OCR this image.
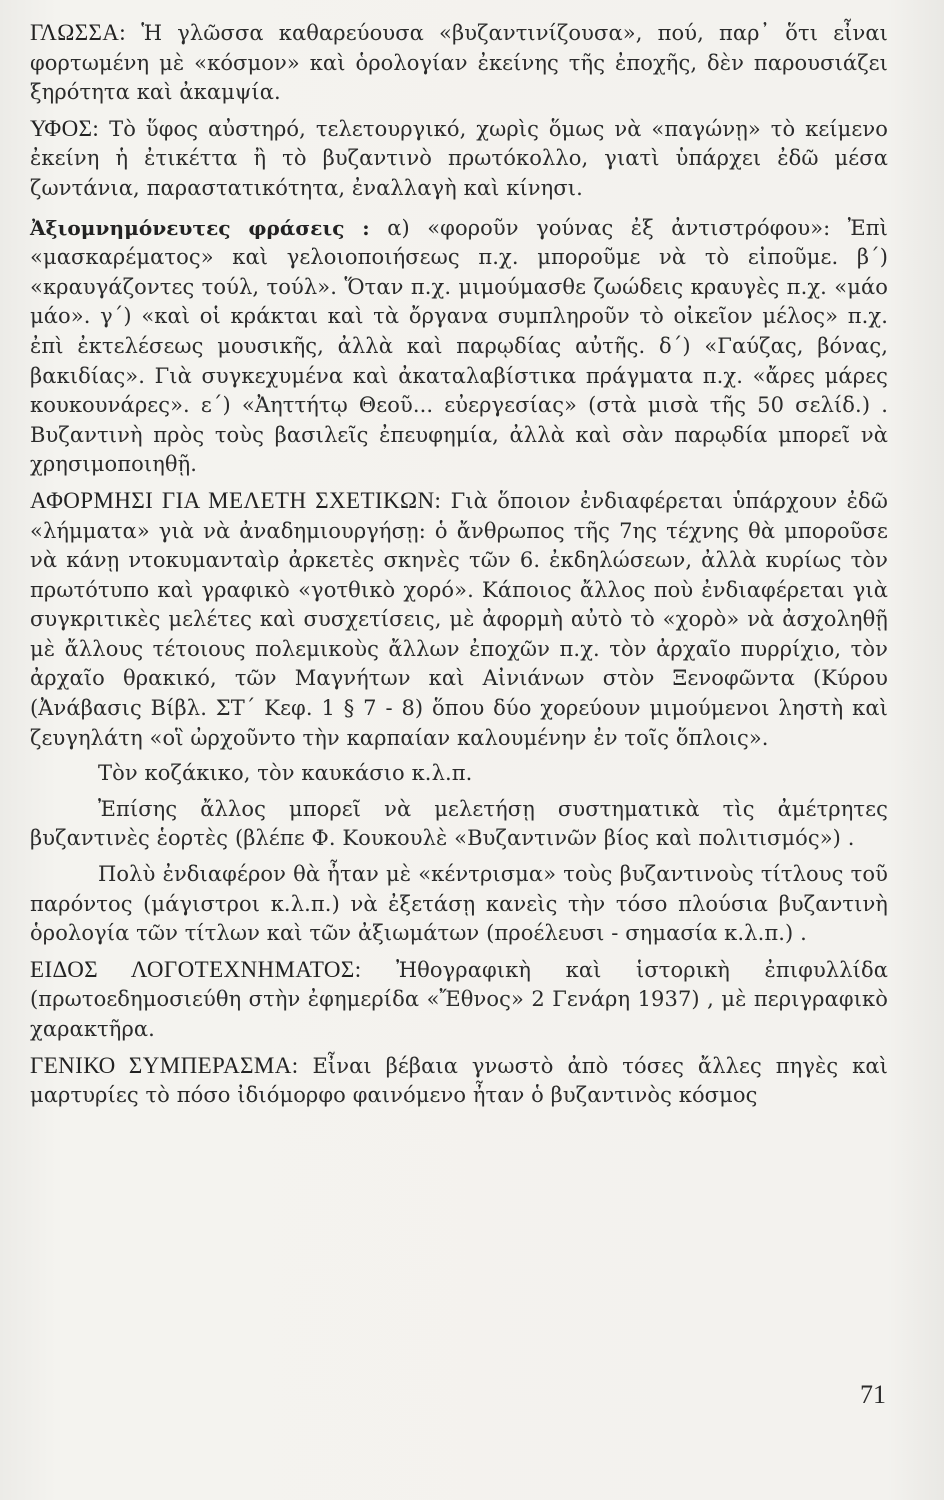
ΓΛΩΣΣΑ: Ἡ γλῶσσα καθαρεύουσα «βυζαντινίζουσα», πού, παρ᾽ ὅτι εἶναι φορτωμένη μὲ «κόσμον» καὶ ὁρολογίαν ἐκείνης τῆς ἐποχῆς, δὲν παρουσιάζει ξηρότητα καὶ ἀκαμψία.

ΥΦΟΣ: Τὸ ὕφος αὐστηρό, τελετουργικό, χωρὶς ὅμως νὰ «παγώνῃ» τὸ κείμενο ἐκείνη ἡ ἐτικέττα ἢ τὸ βυζαντινὸ πρωτόκολλο, γιατὶ ὑπάρχει ἐδῶ μέσα ζωντάνια, παραστατικότητα, ἐναλλαγὴ καὶ κίνησι.

Ἀξιομνημόνευτες φράσεις : α) «φοροῦν γούνας ἐξ ἀντιστρόφου»: Ἐπὶ «μασκαρέματος» καὶ γελοιοποιήσεως π.χ. μποροῦμε νὰ τὸ εἰποῦμε. β΄) «κραυγάζοντες τούλ, τούλ». Ὅταν π.χ. μιμούμασθε ζωώδεις κραυγὲς π.χ. «μάο μάο». γ΄) «καὶ οἱ κράκται καὶ τὰ ὄργανα συμπληροῦν τὸ οἰκεῖον μέλος» π.χ. ἐπὶ ἐκτελέσεως μουσικῆς, ἀλλὰ καὶ παρῳδίας αὐτῆς. δ΄) «Γαύζας, βόνας, βακιδίας». Γιὰ συγκεχυμένα καὶ ἀκαταλαβίστικα πράγματα π.χ. «ἄρες μάρες κουκουνάρες». ε΄) «Ἀηττήτῳ Θεοῦ... εὐεργεσίας» (στὰ μισὰ τῆς 50 σελίδ.) . Βυζαντινὴ πρὸς τοὺς βασιλεῖς ἐπευφημία, ἀλλὰ καὶ σὰν παρῳδία μπορεῖ νὰ χρησιμοποιηθῇ.

ΑΦΟΡΜΗΣΙ ΓΙΑ ΜΕΛΕΤΗ ΣΧΕΤΙΚΩΝ: Γιὰ ὅποιον ἐνδιαφέρεται ὑπάρχουν ἐδῶ «λήμματα» γιὰ νὰ ἀναδημιουργήσῃ: ὁ ἄνθρωπος τῆς 7ης τέχνης θὰ μποροῦσε νὰ κάνῃ ντοκυμανταὶρ ἀρκετὲς σκηνὲς τῶν 6. ἐκδηλώσεων, ἀλλὰ κυρίως τὸν πρωτότυπο καὶ γραφικὸ «γοτθικὸ χορό». Κάποιος ἄλλος ποὺ ἐνδιαφέρεται γιὰ συγκριτικὲς μελέτες καὶ συσχετίσεις, μὲ ἀφορμὴ αὐτὸ τὸ «χορὸ» νὰ ἀσχοληθῇ μὲ ἄλλους τέτοιους πολεμικοὺς ἄλλων ἐποχῶν π.χ. τὸν ἀρχαῖο πυρρίχιο, τὸν ἀρχαῖο θρακικό, τῶν Μαγνήτων καὶ Αἰνιάνων στὸν Ξενοφῶντα (Κύρου (Ἀνάβασις Βίβλ. ΣΤ΄ Κεφ. 1 § 7 - 8) ὅπου δύο χορεύουν μιμούμενοι ληστὴ καὶ ζευγηλάτη «οἳ ὠρχοῦντο τὴν καρπαίαν καλουμένην ἐν τοῖς ὅπλοις».

Τὸν κοζάκικο, τὸν καυκάσιο κ.λ.π.

Ἐπίσης ἄλλος μπορεῖ νὰ μελετήσῃ συστηματικὰ τὶς ἀμέτρητες βυζαντινὲς ἑορτὲς (βλέπε Φ. Κουκουλὲ «Βυζαντινῶν βίος καὶ πολιτισμός») .

Πολὺ ἐνδιαφέρον θὰ ἦταν μὲ «κέντρισμα» τοὺς βυζαντινοὺς τίτλους τοῦ παρόντος (μάγιστροι κ.λ.π.) νὰ ἐξετάσῃ κανεὶς τὴν τόσο πλούσια βυζαντινὴ ὁρολογία τῶν τίτλων καὶ τῶν ἀξιωμάτων (προέλευσι - σημασία κ.λ.π.) .

ΕΙΔΟΣ ΛΟΓΟΤΕΧΝΗΜΑΤΟΣ: Ἠθογραφικὴ καὶ ἱστορικὴ ἐπιφυλλίδα (πρωτοεδημοσιεύθη στὴν ἐφημερίδα «Ἔθνος» 2 Γενάρη 1937) , μὲ περιγραφικὸ χαρακτῆρα.

ΓΕΝΙΚΟ ΣΥΜΠΕΡΑΣΜΑ: Εἶναι βέβαια γνωστὸ ἀπὸ τόσες ἄλλες πηγὲς καὶ μαρτυρίες τὸ πόσο ἰδιόμορφο φαινόμενο ἦταν ὁ βυζαντινὸς κόσμος

71
